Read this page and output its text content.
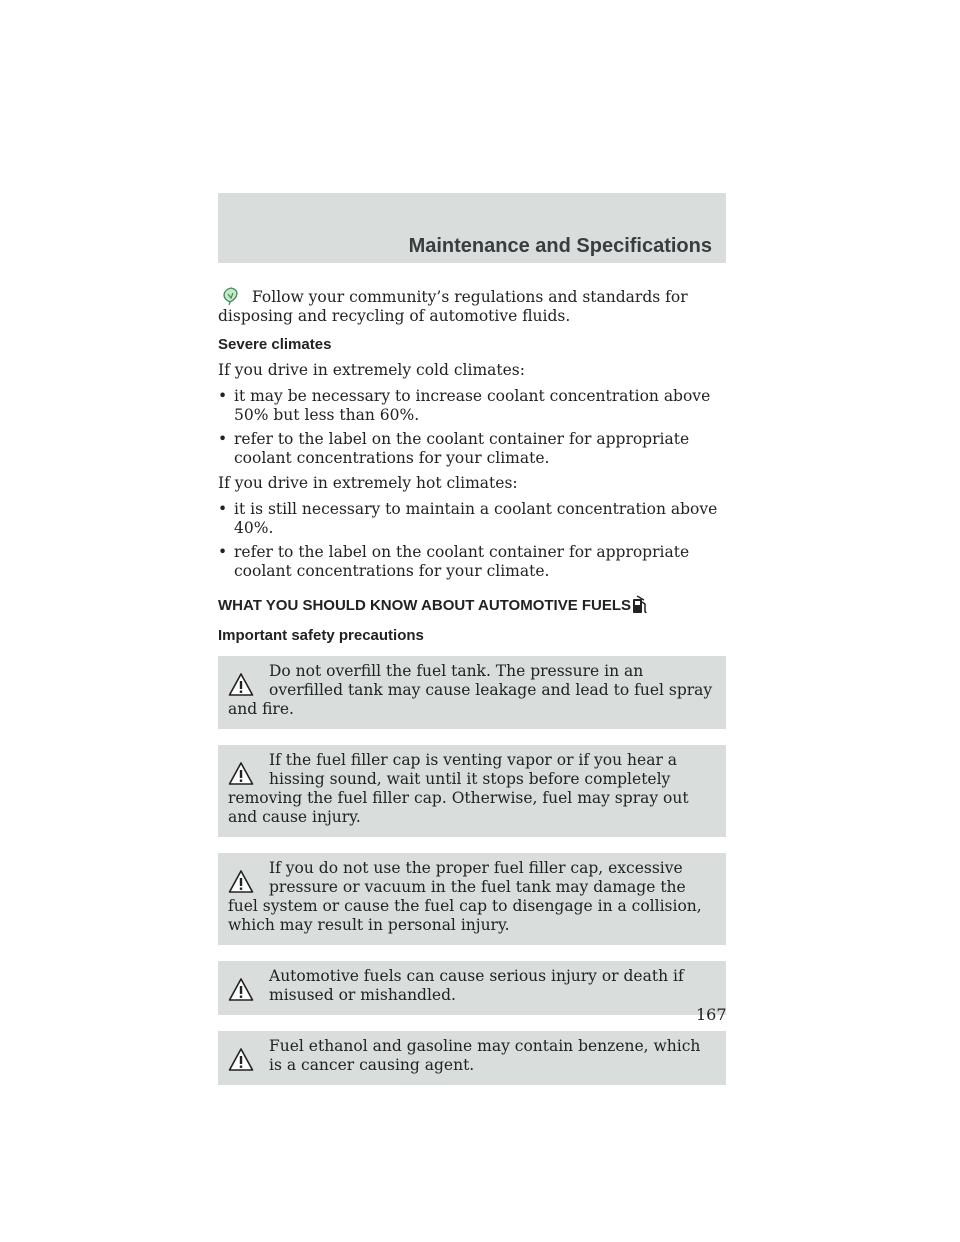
Maintenance and Specifications

Follow your community’s regulations and standards for disposing and recycling of automotive fluids.

Severe climates

If you drive in extremely cold climates:

• it may be necessary to increase coolant concentration above 50% but less than 60%.
• refer to the label on the coolant container for appropriate coolant concentrations for your climate.

If you drive in extremely hot climates:

• it is still necessary to maintain a coolant concentration above 40%.
• refer to the label on the coolant container for appropriate coolant concentrations for your climate.
WHAT YOU SHOULD KNOW ABOUT AUTOMOTIVE FUELS

Important safety precautions

Do not overfill the fuel tank. The pressure in an overfilled tank may cause leakage and lead to fuel spray and fire.
If the fuel filler cap is venting vapor or if you hear a hissing sound, wait until it stops before completely removing the fuel filler cap. Otherwise, fuel may spray out and cause injury.
If you do not use the proper fuel filler cap, excessive pressure or vacuum in the fuel tank may damage the fuel system or cause the fuel cap to disengage in a collision, which may result in personal injury.
Automotive fuels can cause serious injury or death if misused or mishandled.
Fuel ethanol and gasoline may contain benzene, which is a cancer causing agent.
167
